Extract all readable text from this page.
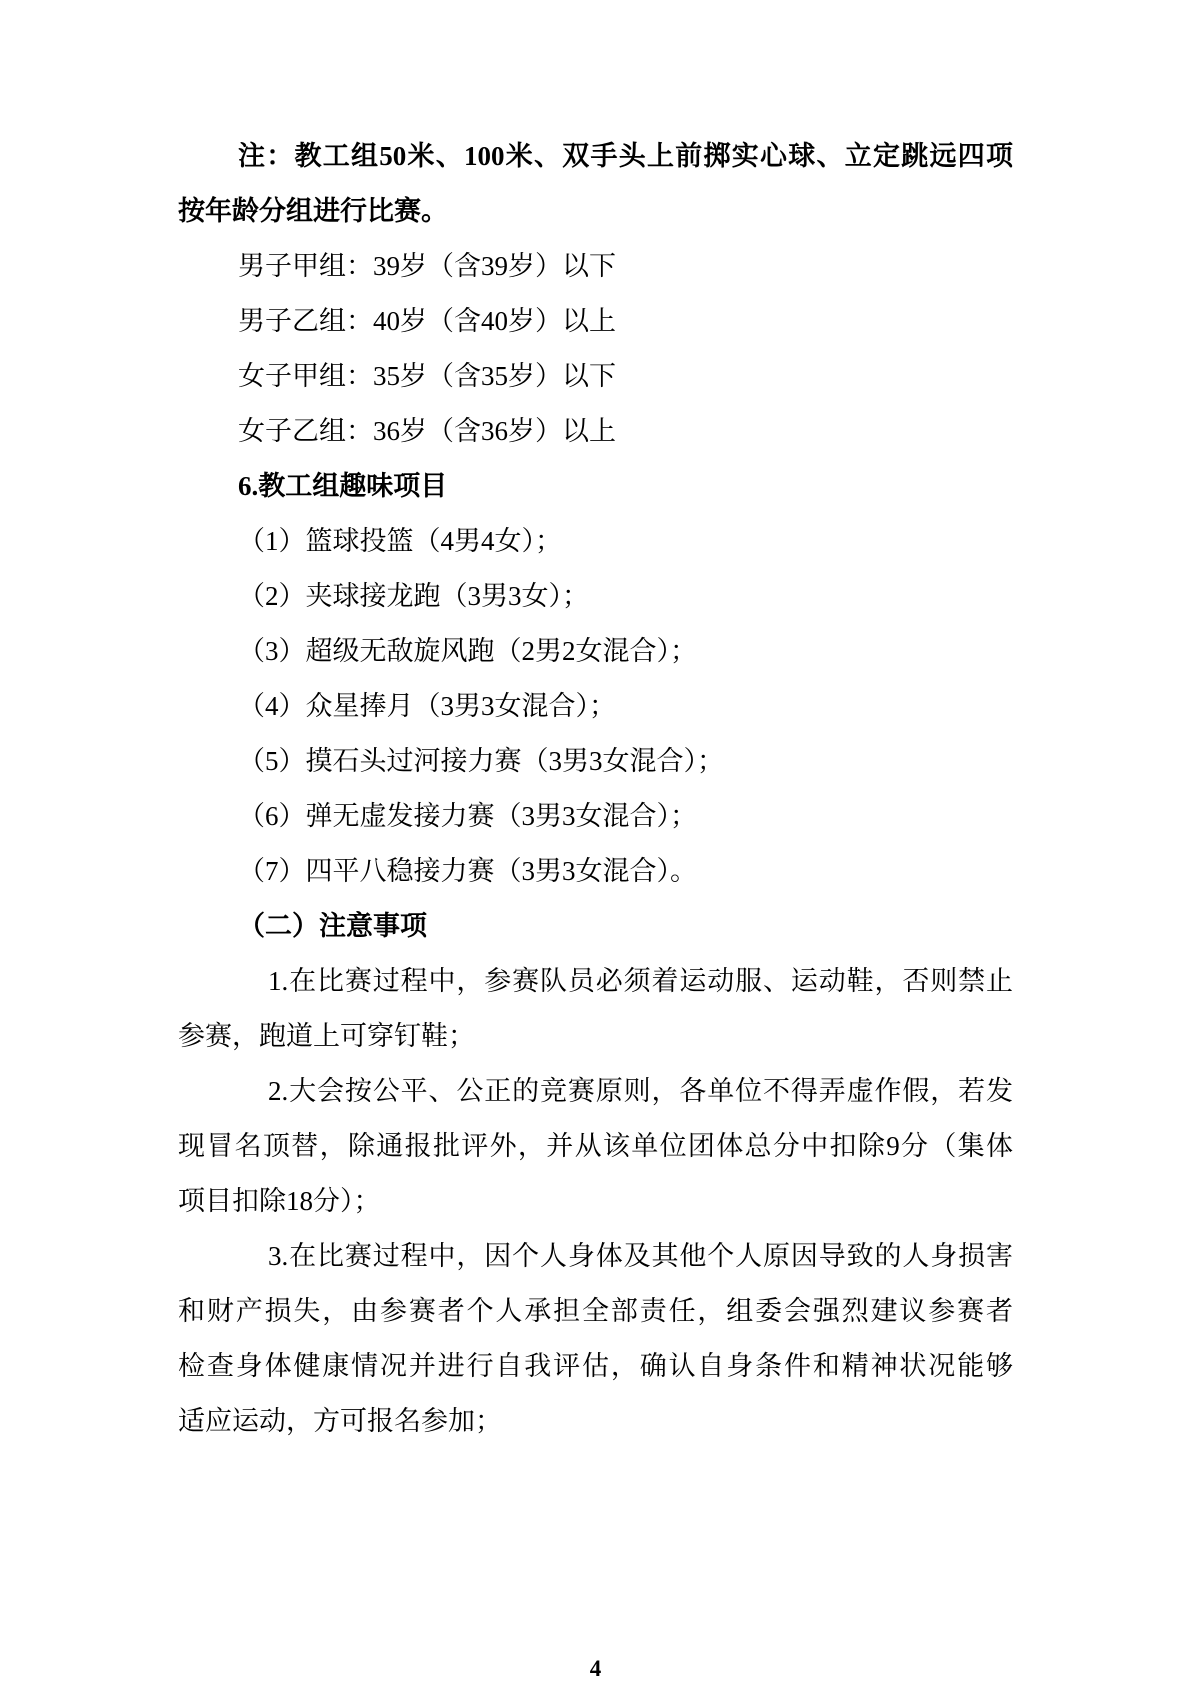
注：教工组50米、100米、双手头上前掷实心球、立定跳远四项
按年龄分组进行比赛。
男子甲组：39岁（含39岁）以下
男子乙组：40岁（含40岁）以上
女子甲组：35岁（含35岁）以下
女子乙组：36岁（含36岁）以上
6.教工组趣味项目
（1）篮球投篮（4男4女）；
（2）夹球接龙跑（3男3女）；
（3）超级无敌旋风跑（2男2女混合）；
（4）众星捧月（3男3女混合）；
（5）摸石头过河接力赛（3男3女混合）；
（6）弹无虚发接力赛（3男3女混合）；
（7）四平八稳接力赛（3男3女混合）。
（二）注意事项
1.在比赛过程中，参赛队员必须着运动服、运动鞋，否则禁止
参赛，跑道上可穿钉鞋；
2.大会按公平、公正的竞赛原则，各单位不得弄虚作假，若发
现冒名顶替，除通报批评外，并从该单位团体总分中扣除9分（集体
项目扣除18分）；
3.在比赛过程中，因个人身体及其他个人原因导致的人身损害
和财产损失，由参赛者个人承担全部责任，组委会强烈建议参赛者
检查身体健康情况并进行自我评估，确认自身条件和精神状况能够
适应运动，方可报名参加；
4
